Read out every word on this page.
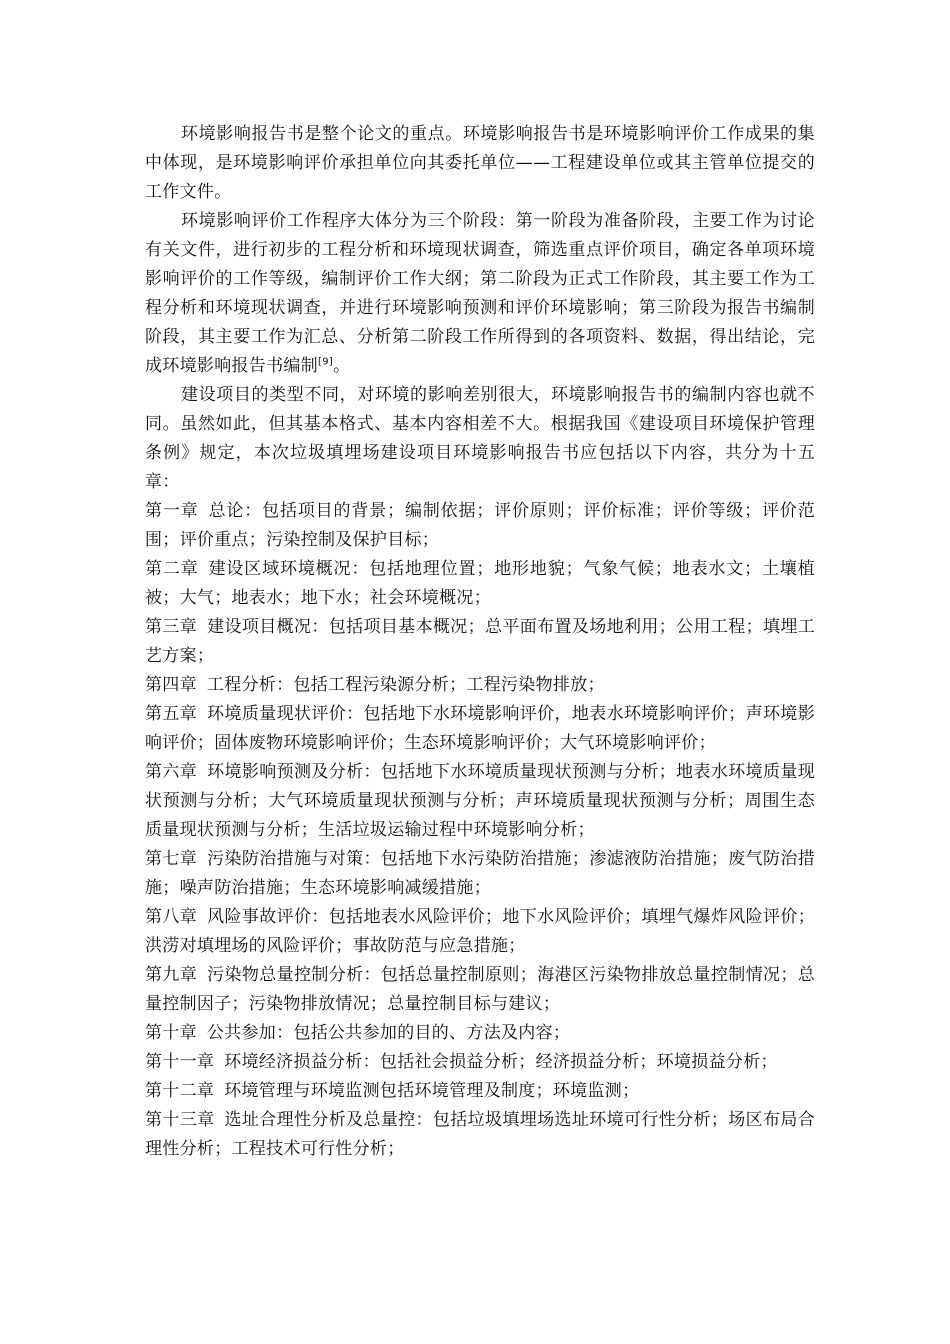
环境影响报告书是整个论文的重点。环境影响报告书是环境影响评价工作成果的集中体现，是环境影响评价承担单位向其委托单位——工程建设单位或其主管单位提交的工作文件。

环境影响评价工作程序大体分为三个阶段：第一阶段为准备阶段，主要工作为讨论有关文件，进行初步的工程分析和环境现状调查，筛选重点评价项目，确定各单项环境影响评价的工作等级，编制评价工作大纲；第二阶段为正式工作阶段，其主要工作为工程分析和环境现状调查，并进行环境影响预测和评价环境影响；第三阶段为报告书编制阶段，其主要工作为汇总、分析第二阶段工作所得到的各项资料、数据，得出结论，完成环境影响报告书编制[9]。

建设项目的类型不同，对环境的影响差别很大，环境影响报告书的编制内容也就不同。虽然如此，但其基本格式、基本内容相差不大。根据我国《建设项目环境保护管理条例》规定，本次垃圾填埋场建设项目环境影响报告书应包括以下内容，共分为十五章：

第一章 总论：包括项目的背景；编制依据；评价原则；评价标准；评价等级；评价范围；评价重点；污染控制及保护目标；

第二章 建设区域环境概况：包括地理位置；地形地貌；气象气候；地表水文；土壤植被；大气；地表水；地下水；社会环境概况；

第三章 建设项目概况：包括项目基本概况；总平面布置及场地利用；公用工程；填埋工艺方案；

第四章 工程分析：包括工程污染源分析；工程污染物排放；

第五章 环境质量现状评价：包括地下水环境影响评价，地表水环境影响评价；声环境影响评价；固体废物环境影响评价；生态环境影响评价；大气环境影响评价；

第六章 环境影响预测及分析：包括地下水环境质量现状预测与分析；地表水环境质量现状预测与分析；大气环境质量现状预测与分析；声环境质量现状预测与分析；周围生态质量现状预测与分析；生活垃圾运输过程中环境影响分析；

第七章 污染防治措施与对策：包括地下水污染防治措施；渗滤液防治措施；废气防治措施；噪声防治措施；生态环境影响减缓措施；

第八章 风险事故评价：包括地表水风险评价；地下水风险评价；填埋气爆炸风险评价；洪涝对填埋场的风险评价；事故防范与应急措施；

第九章 污染物总量控制分析：包括总量控制原则；海港区污染物排放总量控制情况；总量控制因子；污染物排放情况；总量控制目标与建议；

第十章 公共参加：包括公共参加的目的、方法及内容；

第十一章 环境经济损益分析：包括社会损益分析；经济损益分析；环境损益分析；

第十二章 环境管理与环境监测包括环境管理及制度；环境监测；

第十三章 选址合理性分析及总量控：包括垃圾填埋场选址环境可行性分析；场区布局合理性分析；工程技术可行性分析；
